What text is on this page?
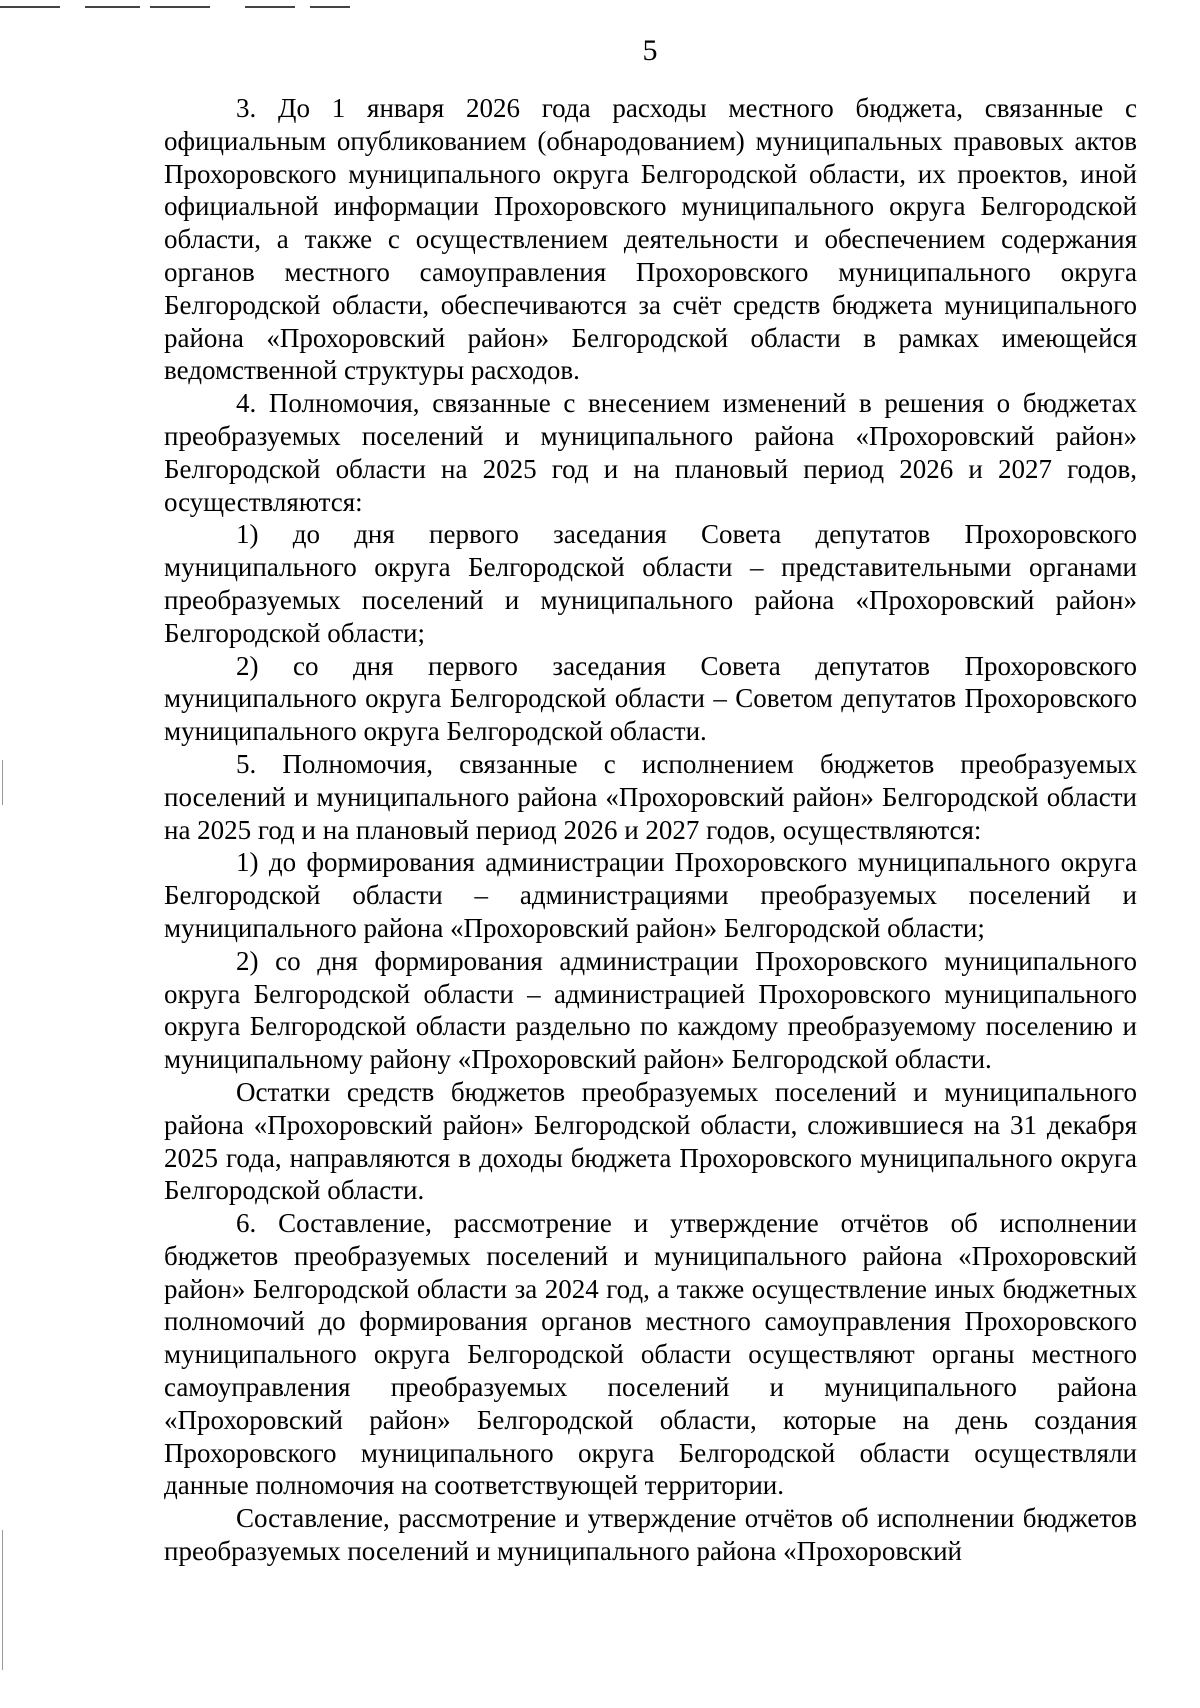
5

3. До 1 января 2026 года расходы местного бюджета, связанные с официальным опубликованием (обнародованием) муниципальных правовых актов Прохоровского муниципального округа Белгородской области, их проектов, иной официальной информации Прохоровского муниципального округа Белгородской области, а также с осуществлением деятельности и обеспечением содержания органов местного самоуправления Прохоровского муниципального округа Белгородской области, обеспечиваются за счёт средств бюджета муниципального района «Прохоровский район» Белгородской области в рамках имеющейся ведомственной структуры расходов.

4. Полномочия, связанные с внесением изменений в решения о бюджетах преобразуемых поселений и муниципального района «Прохоровский район» Белгородской области на 2025 год и на плановый период 2026 и 2027 годов, осуществляются:

1) до дня первого заседания Совета депутатов Прохоровского муниципального округа Белгородской области – представительными органами преобразуемых поселений и муниципального района «Прохоровский район» Белгородской области;

2) со дня первого заседания Совета депутатов Прохоровского муниципального округа Белгородской области – Советом депутатов Прохоровского муниципального округа Белгородской области.

5. Полномочия, связанные с исполнением бюджетов преобразуемых поселений и муниципального района «Прохоровский район» Белгородской области на 2025 год и на плановый период 2026 и 2027 годов, осуществляются:

1) до формирования администрации Прохоровского муниципального округа Белгородской области – администрациями преобразуемых поселений и муниципального района «Прохоровский район» Белгородской области;

2) со дня формирования администрации Прохоровского муниципального округа Белгородской области – администрацией Прохоровского муниципального округа Белгородской области раздельно по каждому преобразуемому поселению и муниципальному району «Прохоровский район» Белгородской области.

Остатки средств бюджетов преобразуемых поселений и муниципального района «Прохоровский район» Белгородской области, сложившиеся на 31 декабря 2025 года, направляются в доходы бюджета Прохоровского муниципального округа Белгородской области.

6. Составление, рассмотрение и утверждение отчётов об исполнении бюджетов преобразуемых поселений и муниципального района «Прохоровский район» Белгородской области за 2024 год, а также осуществление иных бюджетных полномочий до формирования органов местного самоуправления Прохоровского муниципального округа Белгородской области осуществляют органы местного самоуправления преобразуемых поселений и муниципального района «Прохоровский район» Белгородской области, которые на день создания Прохоровского муниципального округа Белгородской области осуществляли данные полномочия на соответствующей территории.

Составление, рассмотрение и утверждение отчётов об исполнении бюджетов преобразуемых поселений и муниципального района «Прохоровский
